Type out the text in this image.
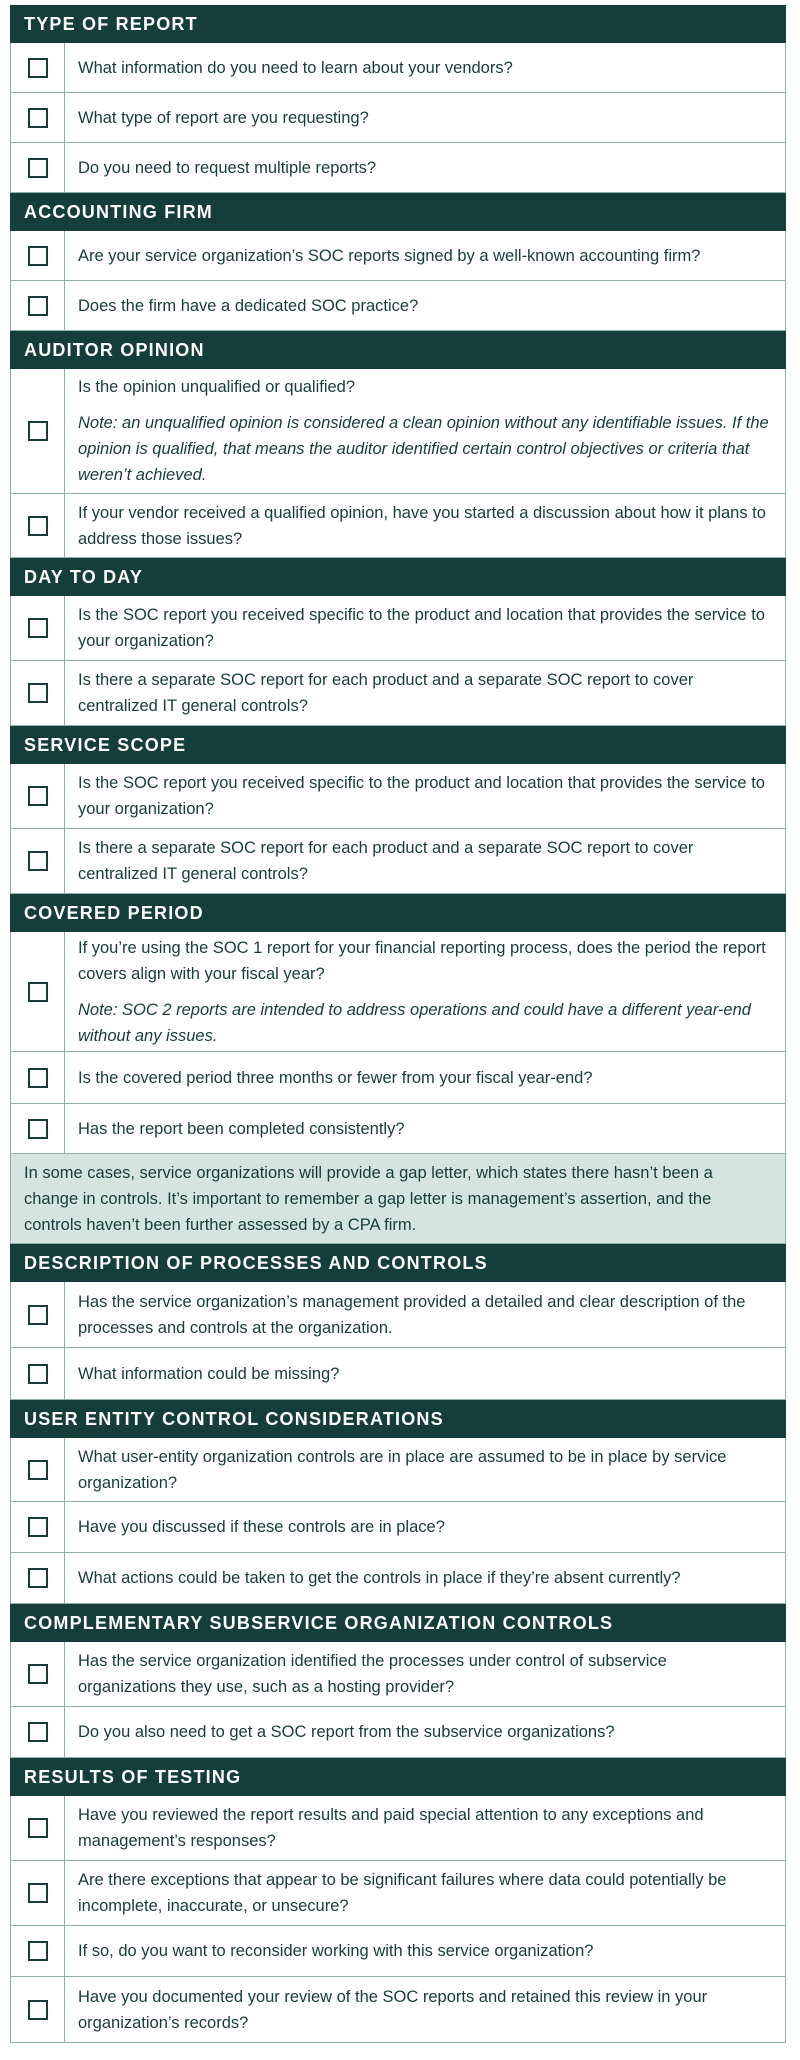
TYPE OF REPORT

What information do you need to learn about your vendors?

What type of report are you requesting?

Do you need to request multiple reports?

ACCOUNTING FIRM

Are your service organization’s SOC reports signed by a well-known accounting firm?

Does the firm have a dedicated SOC practice?

AUDITOR OPINION

Is the opinion unqualified or qualified?

Note: an unqualified opinion is considered a clean opinion without any identifiable issues. If the opinion is qualified, that means the auditor identified certain control objectives or criteria that weren’t achieved.

If your vendor received a qualified opinion, have you started a discussion about how it plans to address those issues?

DAY TO DAY

Is the SOC report you received specific to the product and location that provides the service to your organization?

Is there a separate SOC report for each product and a separate SOC report to cover centralized IT general controls?

SERVICE SCOPE

Is the SOC report you received specific to the product and location that provides the service to your organization?

Is there a separate SOC report for each product and a separate SOC report to cover centralized IT general controls?

COVERED PERIOD

If you’re using the SOC 1 report for your financial reporting process, does the period the report covers align with your fiscal year?

Note: SOC 2 reports are intended to address operations and could have a different year-end without any issues.

Is the covered period three months or fewer from your fiscal year-end?

Has the report been completed consistently?

In some cases, service organizations will provide a gap letter, which states there hasn’t been a change in controls. It’s important to remember a gap letter is management’s assertion, and the controls haven’t been further assessed by a CPA firm.

DESCRIPTION OF PROCESSES AND CONTROLS

Has the service organization’s management provided a detailed and clear description of the processes and controls at the organization.

What information could be missing?

USER ENTITY CONTROL CONSIDERATIONS

What user-entity organization controls are in place are assumed to be in place by service organization?

Have you discussed if these controls are in place?

What actions could be taken to get the controls in place if they’re absent currently?

COMPLEMENTARY SUBSERVICE ORGANIZATION CONTROLS

Has the service organization identified the processes under control of subservice organizations they use, such as a hosting provider?

Do you also need to get a SOC report from the subservice organizations?

RESULTS OF TESTING

Have you reviewed the report results and paid special attention to any exceptions and management’s responses?

Are there exceptions that appear to be significant failures where data could potentially be incomplete, inaccurate, or unsecure?

If so, do you want to reconsider working with this service organization?

Have you documented your review of the SOC reports and retained this review in your organization’s records?
